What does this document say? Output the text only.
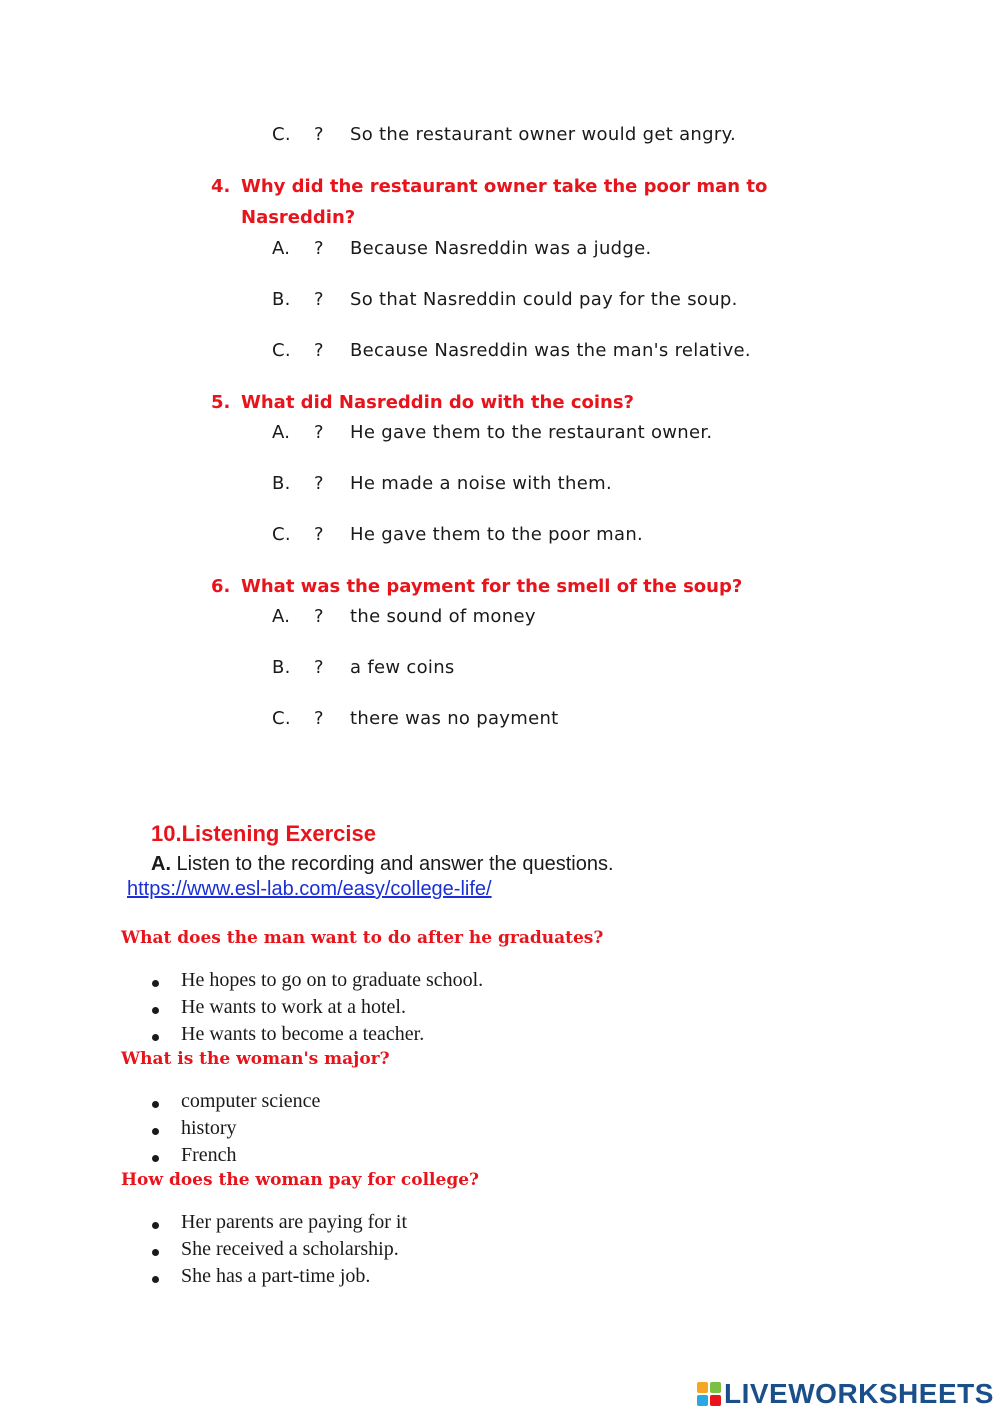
C. ? So the restaurant owner would get angry.
4. Why did the restaurant owner take the poor man to
Nasreddin?
A. ? Because Nasreddin was a judge.
B. ? So that Nasreddin could pay for the soup.
C. ? Because Nasreddin was the man's relative.
5. What did Nasreddin do with the coins?
A. ? He gave them to the restaurant owner.
B. ? He made a noise with them.
C. ? He gave them to the poor man.
6. What was the payment for the smell of the soup?
A. ? the sound of money
B. ? a few coins
C. ? there was no payment
10.Listening Exercise
A. Listen to the recording and answer the questions.
https://www.esl-lab.com/easy/college-life/
What does the man want to do after he graduates?
He hopes to go on to graduate school.
He wants to work at a hotel.
He wants to become a teacher.
What is the woman's major?
computer science
history
French
How does the woman pay for college?
Her parents are paying for it
She received a scholarship.
She has a part-time job.
LIVEWORKSHEETS
